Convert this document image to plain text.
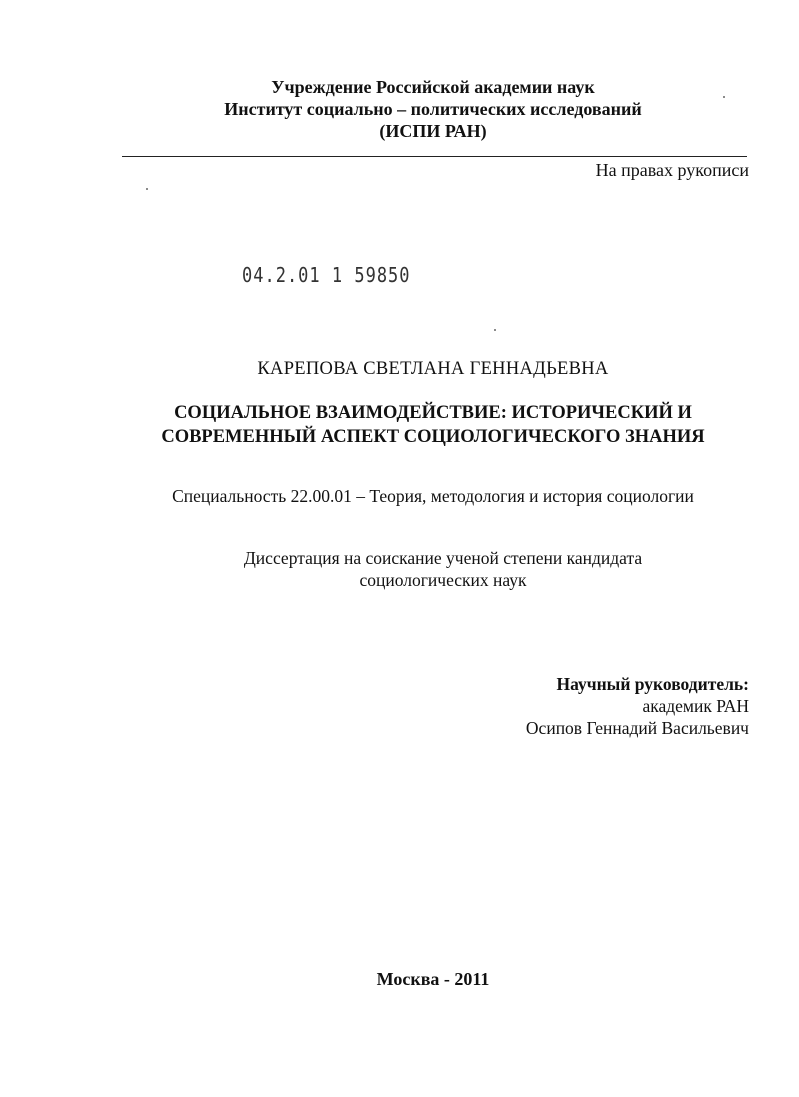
Учреждение Российской академии наук
Институт социально – политических исследований
(ИСПИ РАН)
На правах рукописи
04.2.01 1 59850
КАРЕПОВА СВЕТЛАНА ГЕННАДЬЕВНА
СОЦИАЛЬНОЕ ВЗАИМОДЕЙСТВИЕ: ИСТОРИЧЕСКИЙ И
СОВРЕМЕННЫЙ АСПЕКТ СОЦИОЛОГИЧЕСКОГО ЗНАНИЯ
Специальность 22.00.01 – Теория, методология и история социологии
Диссертация на соискание ученой степени кандидата
социологических наук
Научный руководитель:
академик РАН
Осипов Геннадий Васильевич
Москва - 2011
